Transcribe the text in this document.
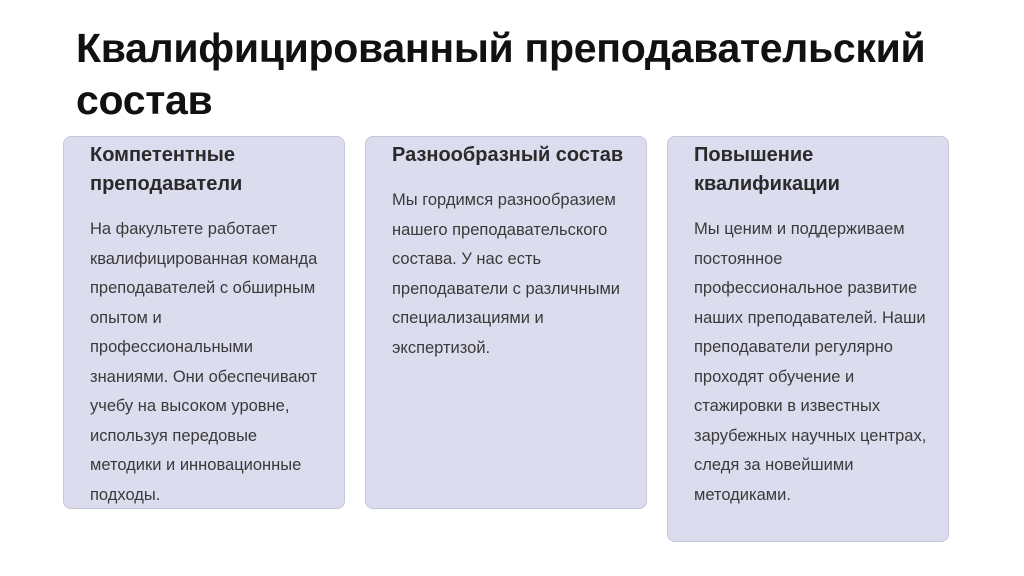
Квалифицированный преподавательский состав
Компетентные преподаватели

На факультете работает квалифицированная команда преподавателей с обширным опытом и профессиональными знаниями. Они обеспечивают учебу на высоком уровне, используя передовые методики и инновационные подходы.

Разнообразный состав

Мы гордимся разнообразием нашего преподавательского состава. У нас есть преподаватели с различными специализациями и экспертизой.

Повышение квалификации

Мы ценим и поддерживаем постоянное профессиональное развитие наших преподавателей. Наши преподаватели регулярно проходят обучение и стажировки в известных зарубежных научных центрах, следя за новейшими методиками.
